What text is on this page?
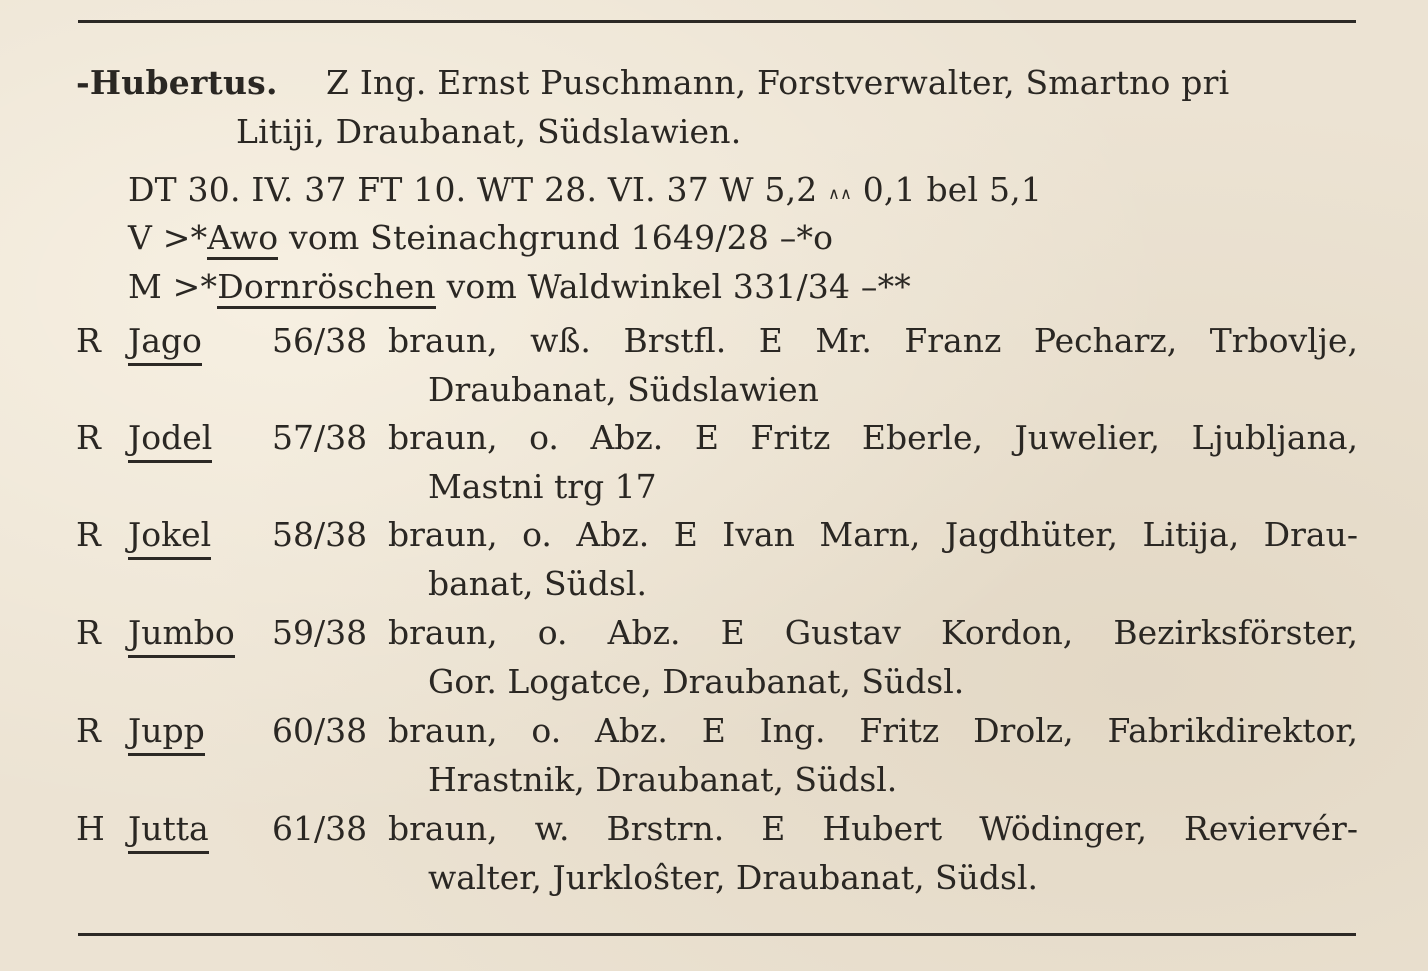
-Hubertus. Z Ing. Ernst Puschmann, Forstverwalter, Smartno pri
Litiji, Draubanat, Südslawien.
DT 30. IV. 37 FT 10. WT 28. VI. 37 W 5,2 ∧∧ 0,1 bel 5,1
V >*Awo vom Steinachgrund 1649/28 –*o
M >*Dornröschen vom Waldwinkel 331/34 –**
R Jago 56/38 braun, wß. Brstfl. E Mr. Franz Pecharz, Trbovlje,
Draubanat, Südslawien
R Jodel 57/38 braun, o. Abz. E Fritz Eberle, Juwelier, Ljubljana,
Mastni trg 17
R Jokel 58/38 braun, o. Abz. E Ivan Marn, Jagdhüter, Litija, Drau-
banat, Südsl.
R Jumbo 59/38 braun, o. Abz. E Gustav Kordon, Bezirksförster,
Gor. Logatce, Draubanat, Südsl.
R Jupp 60/38 braun, o. Abz. E Ing. Fritz Drolz, Fabrikdirektor,
Hrastnik, Draubanat, Südsl.
H Jutta 61/38 braun, w. Brstrn. E Hubert Wödinger, Reviervér-
walter, Jurkloŝter, Draubanat, Südsl.
